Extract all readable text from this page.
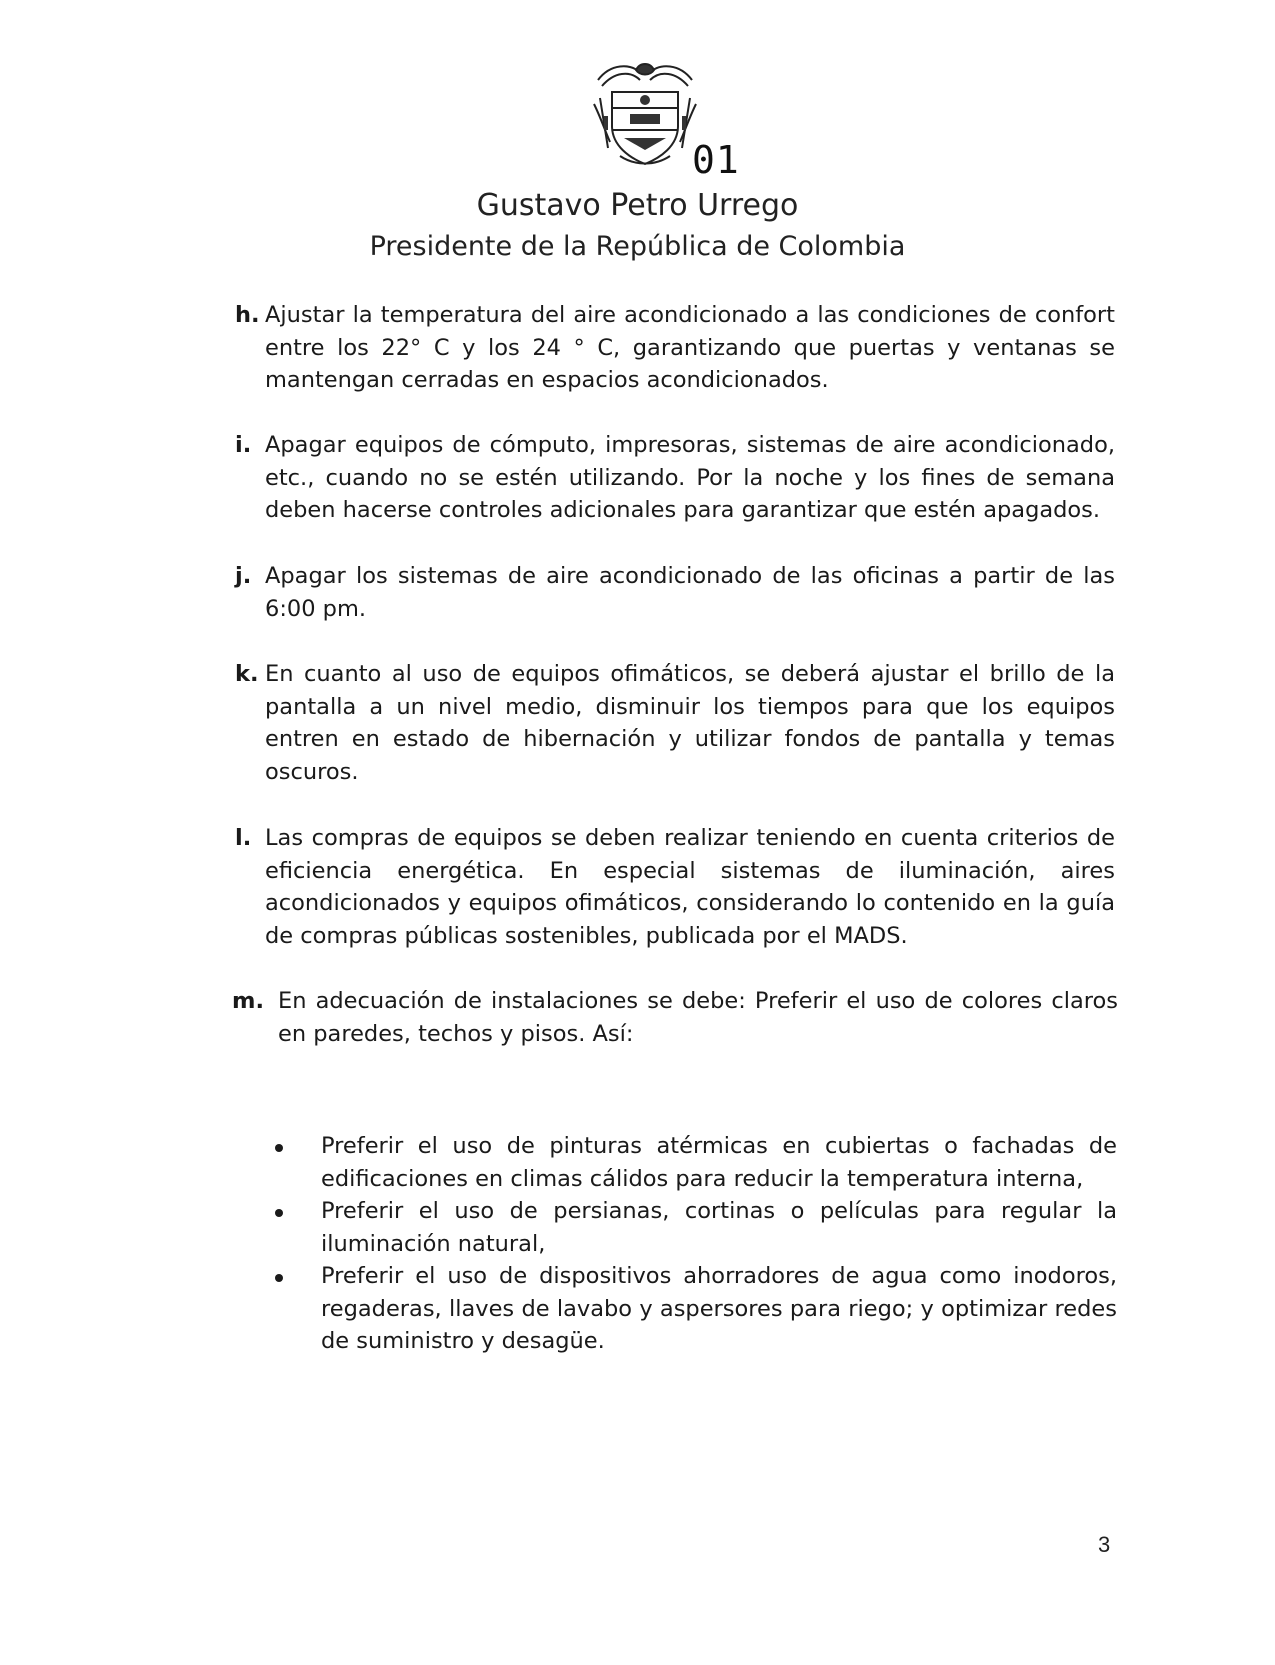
01
Gustavo Petro Urrego
Presidente de la República de Colombia
h. Ajustar la temperatura del aire acondicionado a las condiciones de confort entre los 22° C y los 24 ° C, garantizando que puertas y ventanas se mantengan cerradas en espacios acondicionados.
i. Apagar equipos de cómputo, impresoras, sistemas de aire acondicionado, etc., cuando no se estén utilizando. Por la noche y los fines de semana deben hacerse controles adicionales para garantizar que estén apagados.
j. Apagar los sistemas de aire acondicionado de las oficinas a partir de las 6:00 pm.
k. En cuanto al uso de equipos ofimáticos, se deberá ajustar el brillo de la pantalla a un nivel medio, disminuir los tiempos para que los equipos entren en estado de hibernación y utilizar fondos de pantalla y temas oscuros.
l. Las compras de equipos se deben realizar teniendo en cuenta criterios de eficiencia energética. En especial sistemas de iluminación, aires acondicionados y equipos ofimáticos, considerando lo contenido en la guía de compras públicas sostenibles, publicada por el MADS.
m. En adecuación de instalaciones se debe: Preferir el uso de colores claros en paredes, techos y pisos. Así:
Preferir el uso de pinturas atérmicas en cubiertas o fachadas de edificaciones en climas cálidos para reducir la temperatura interna,
Preferir el uso de persianas, cortinas o películas para regular la iluminación natural,
Preferir el uso de dispositivos ahorradores de agua como inodoros, regaderas, llaves de lavabo y aspersores para riego; y optimizar redes de suministro y desagüe.
3
